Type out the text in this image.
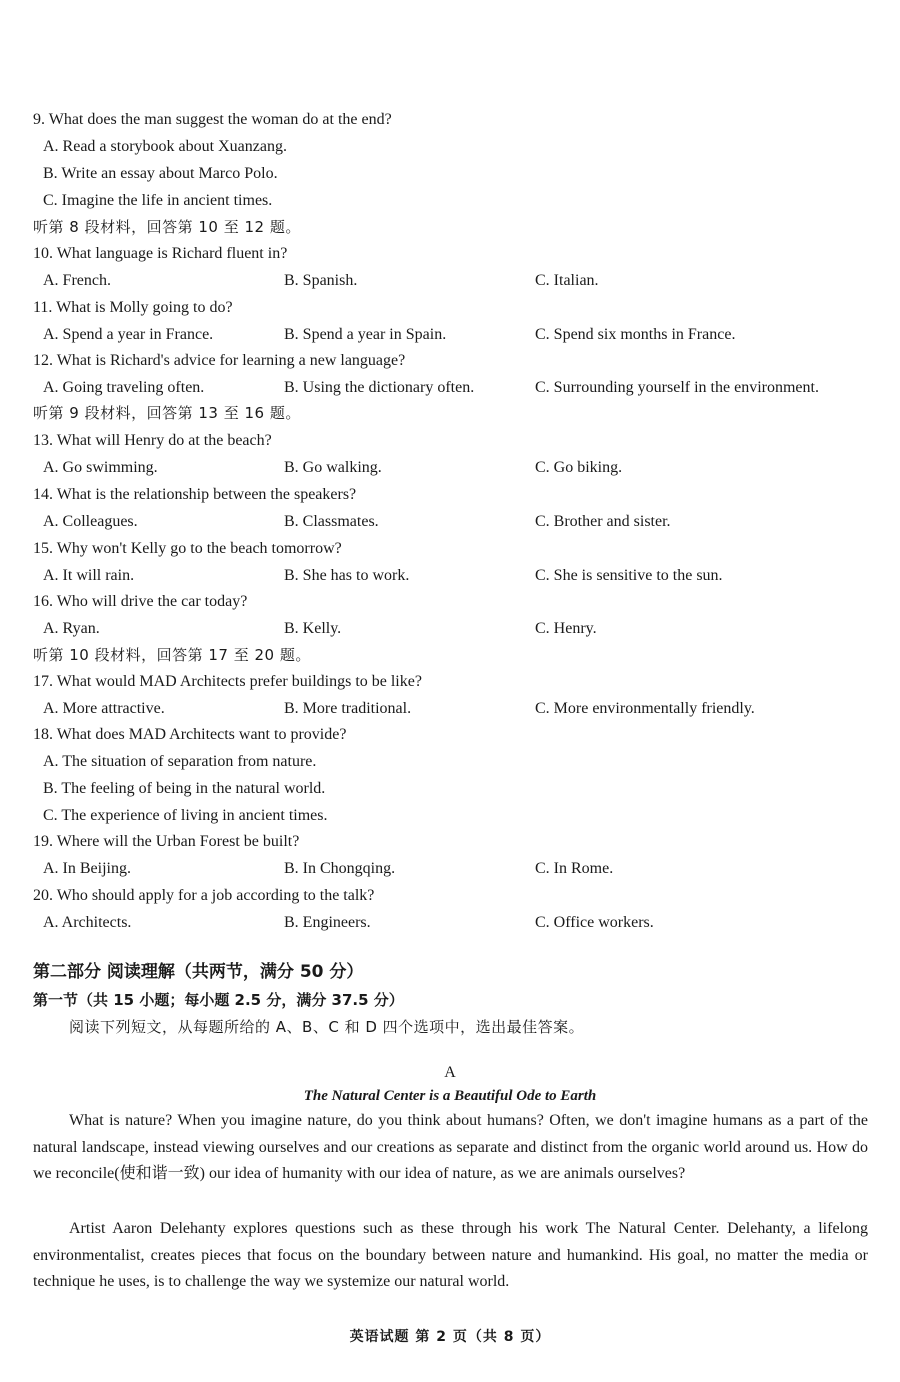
9. What does the man suggest the woman do at the end?
A. Read a storybook about Xuanzang.
B. Write an essay about Marco Polo.
C. Imagine the life in ancient times.
听第 8 段材料，回答第 10 至 12 题。
10. What language is Richard fluent in?
A. French.	B. Spanish.	C. Italian.
11. What is Molly going to do?
A. Spend a year in France.	B. Spend a year in Spain.	C. Spend six months in France.
12. What is Richard's advice for learning a new language?
A. Going traveling often.	B. Using the dictionary often.	C. Surrounding yourself in the environment.
听第 9 段材料，回答第 13 至 16 题。
13. What will Henry do at the beach?
A. Go swimming.	B. Go walking.	C. Go biking.
14. What is the relationship between the speakers?
A. Colleagues.	B. Classmates.	C. Brother and sister.
15. Why won't Kelly go to the beach tomorrow?
A. It will rain.	B. She has to work.	C. She is sensitive to the sun.
16. Who will drive the car today?
A. Ryan.	B. Kelly.	C. Henry.
听第 10 段材料，回答第 17 至 20 题。
17. What would MAD Architects prefer buildings to be like?
A. More attractive.	B. More traditional.	C. More environmentally friendly.
18. What does MAD Architects want to provide?
A. The situation of separation from nature.
B. The feeling of being in the natural world.
C. The experience of living in ancient times.
19. Where will the Urban Forest be built?
A. In Beijing.	B. In Chongqing.	C. In Rome.
20. Who should apply for a job according to the talk?
A. Architects.	B. Engineers.	C. Office workers.
第二部分 阅读理解（共两节，满分 50 分）
第一节（共 15 小题；每小题 2.5 分，满分 37.5 分）
阅读下列短文，从每题所给的 A、B、C 和 D 四个选项中，选出最佳答案。
A
The Natural Center is a Beautiful Ode to Earth
What is nature? When you imagine nature, do you think about humans? Often, we don't imagine humans as a part of the natural landscape, instead viewing ourselves and our creations as separate and distinct from the organic world around us. How do we reconcile(使和谐一致) our idea of humanity with our idea of nature, as we are animals ourselves?
Artist Aaron Delehanty explores questions such as these through his work The Natural Center. Delehanty, a lifelong environmentalist, creates pieces that focus on the boundary between nature and humankind. His goal, no matter the media or technique he uses, is to challenge the way we systemize our natural world.
英语试题 第 2 页（共 8 页）
